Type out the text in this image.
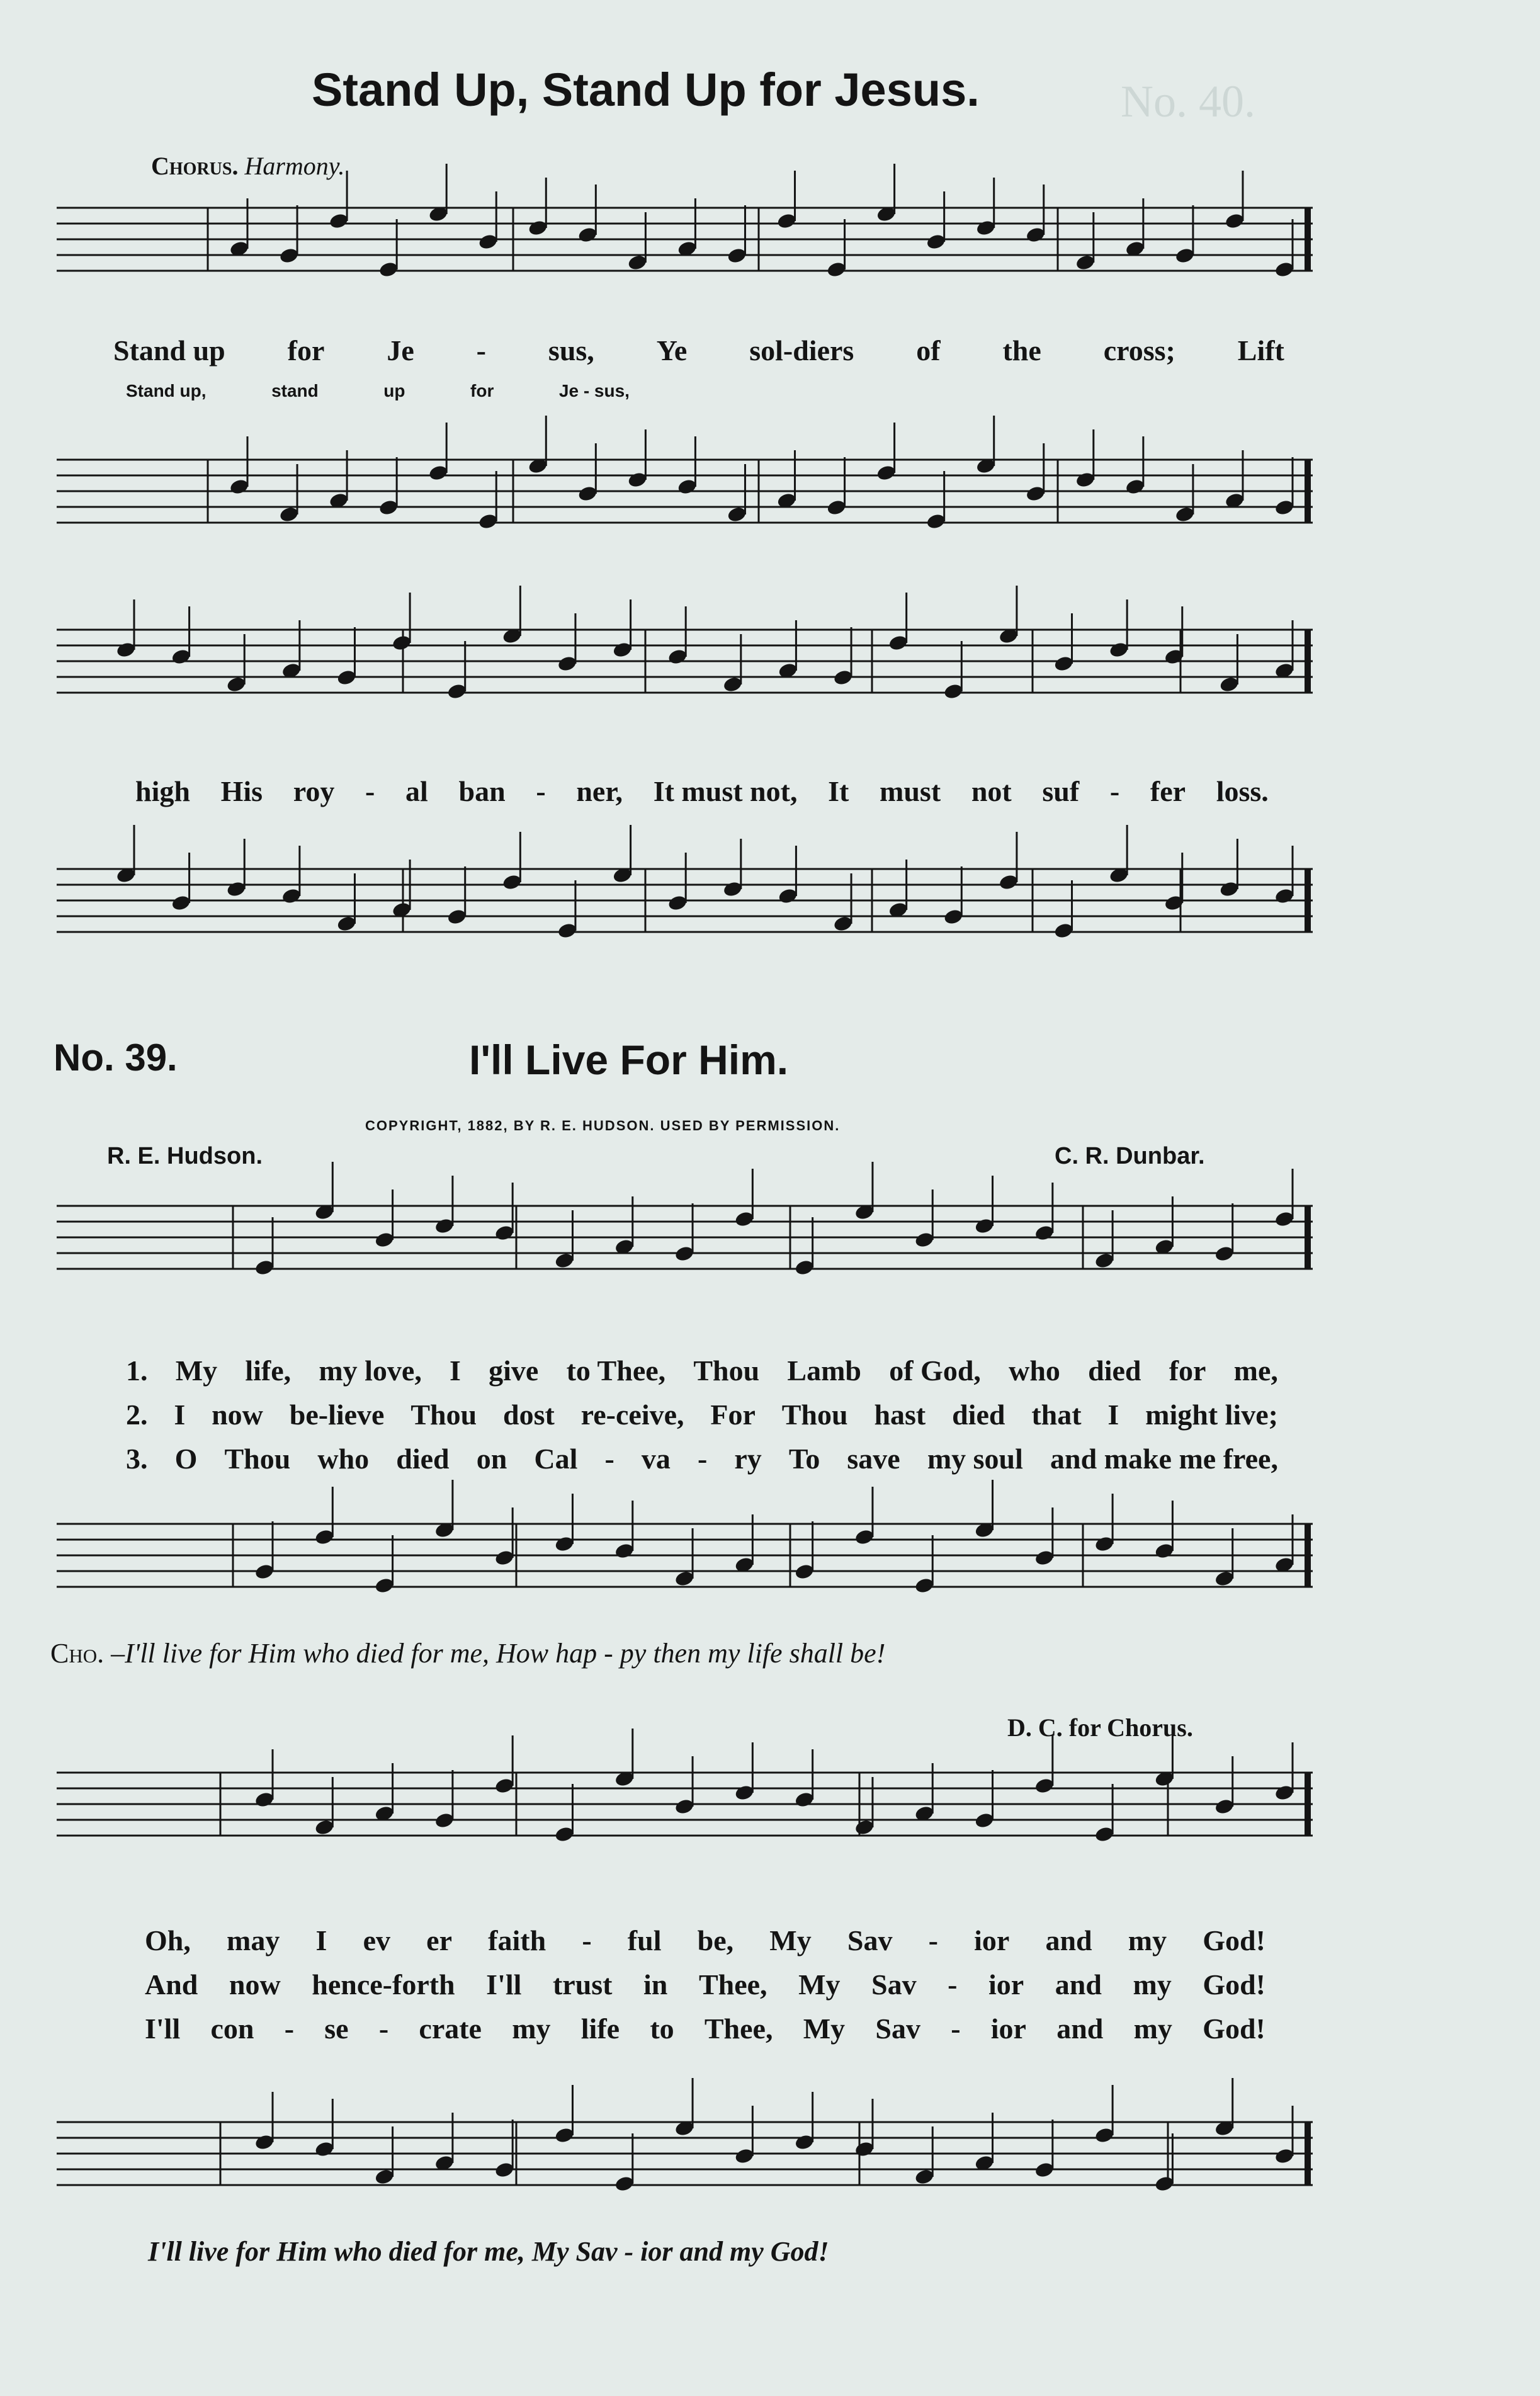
No. 40.
Stand Up, Stand Up for Jesus.
Chorus. Harmony.
Stand up for Je - sus, Ye sol-diers of the cross; Lift
Stand up,	stand	up	for	Je - sus,
high His roy - al ban - ner, It must not, It must not suf - fer loss.
No. 39.	I'll Live For Him.
COPYRIGHT, 1882, BY R. E. HUDSON. USED BY PERMISSION.
R. E. Hudson.	C. R. Dunbar.
1. My life, my love, I give to Thee, Thou Lamb of God, who died for me,
2. I now be-lieve Thou dost re-ceive, For Thou hast died that I might live;
3. O Thou who died on Cal - va - ry To save my soul and make me free,
Cho. –I'll live for Him who died for me, How hap - py then my life shall be!
D. C. for Chorus.
Oh, may I ev er faith - ful be, My Sav - ior and my God!
And now hence-forth I'll trust in Thee, My Sav - ior and my God!
I'll con - se - crate my life to Thee, My Sav - ior and my God!
I'll live for Him who died for me, My Sav - ior and my God!
